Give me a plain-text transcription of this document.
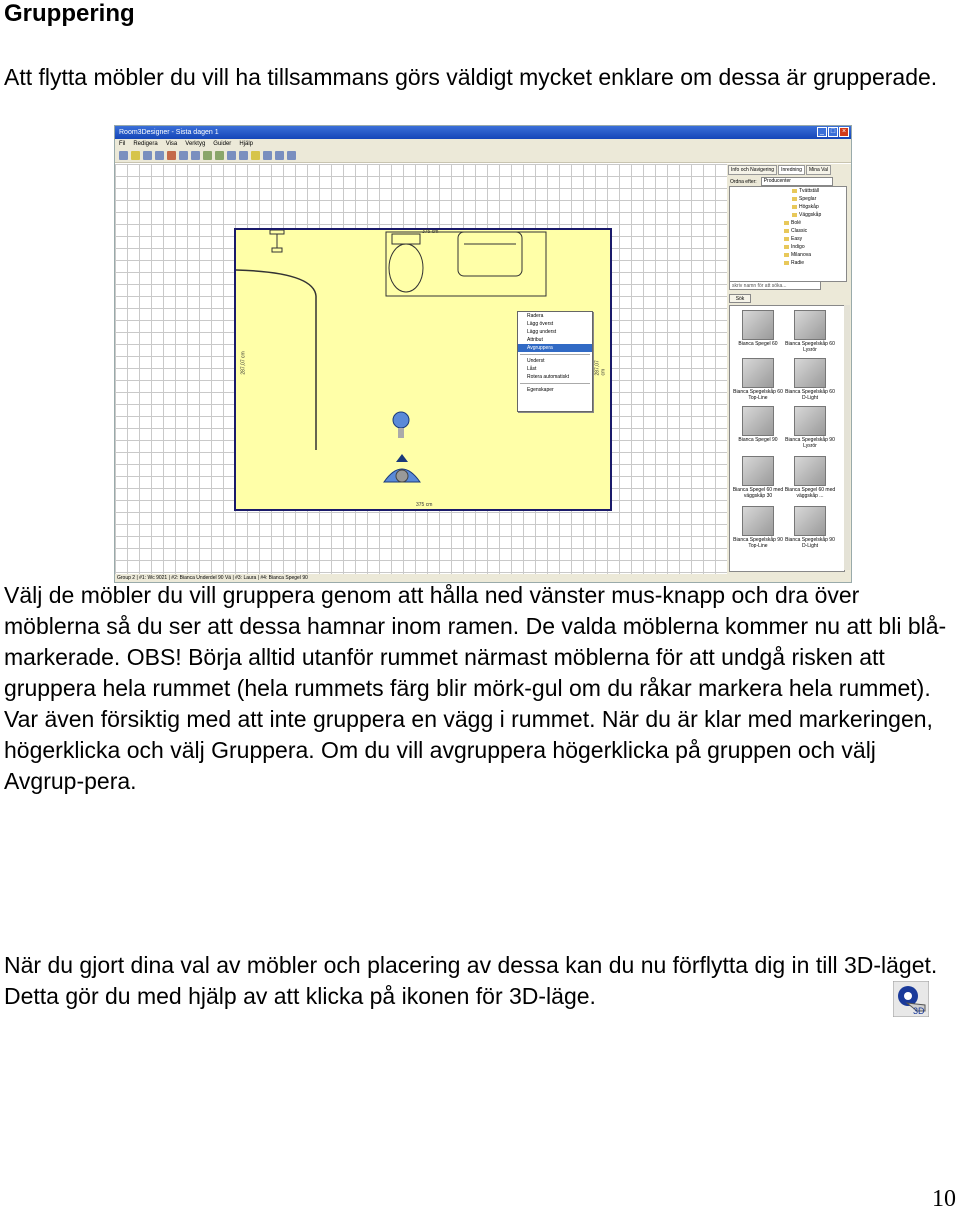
Gruppering
Att flytta möbler du vill ha tillsammans görs väldigt mycket enklare om dessa är grupperade.
Room3Designer - Sista dagen 1	_ □ ×
Fil Redigera Visa Verktyg Guider Hjälp
375 cm
375 cm
287,07 cm	287,07 cm
Radera
Lägg överst
Lägg underst
Attribut
Avgruppera
Underst
Låst
Rotera automatiskt
Egenskaper
Info och Navigering	Inredning	Mina Val
Ordna efter:	Producenter
Tvättställ
Speglar
Högskåp
Väggskåp
Bolé
Classic
Easy
Indigo
Milanova
Radie
skriv namn för att söka...
Sök
Bianca Spegel 60	Bianca Spegelskåp 60 Lysrör
Bianca Spegelskåp 60 Top-Line
Bianca Spegelskåp 60 D-Light
Bianca Spegel 90	Bianca Spegelskåp 90 Lysrör
Bianca Spegel 60 med väggskåp 30
Bianca Spegel 60 med väggskåp ...
Bianca Spegelskåp 90 Top-Line
Bianca Spegelskåp 90 D-Light
Group 2 | #1: Wc 9021 | #2: Bianca Underdel 90 Vä | #3: Laura | #4: Bianca Spegel 90
Välj de möbler du vill gruppera genom att hålla ned vänster mus-knapp och dra över möblerna så du ser att dessa hamnar inom ramen. De valda möblerna kommer nu att bli blå-markerade. OBS! Börja alltid utanför rummet närmast möblerna för att undgå risken att gruppera hela rummet (hela rummets färg blir mörk-gul om du råkar markera hela rummet). Var även försiktig med att inte gruppera en vägg i rummet. När du är klar med markeringen, högerklicka och välj Gruppera. Om du vill avgruppera högerklicka på gruppen och välj Avgrup-pera.
När du gjort dina val av möbler och placering av dessa kan du nu förflytta dig in till 3D-läget. Detta gör du med hjälp av att klicka på ikonen för 3D-läge.
3D
10
